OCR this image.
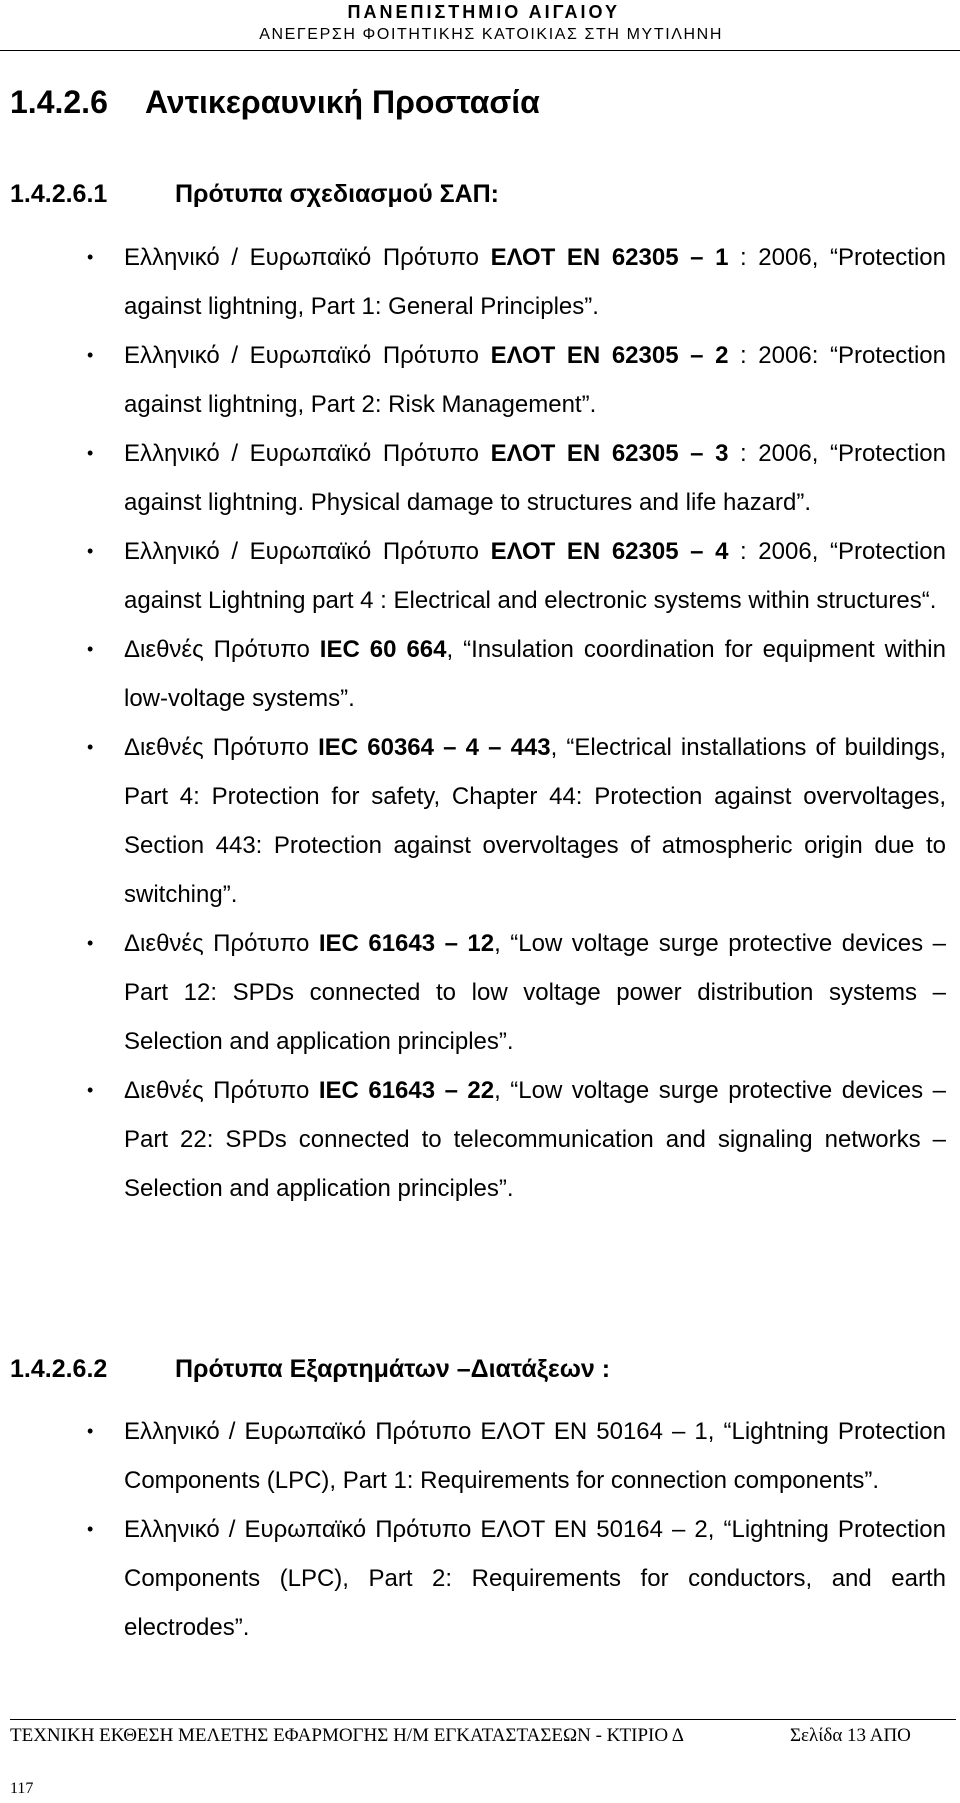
ΠΑΝΕΠΙΣΤΗΜΙΟ ΑΙΓΑΙΟΥ
ΑΝΕΓΕΡΣΗ ΦΟΙΤΗΤΙΚΗΣ ΚΑΤΟΙΚΙΑΣ ΣΤΗ ΜΥΤΙΛΗΝΗ
1.4.2.6 Αντικεραυνική Προστασία
1.4.2.6.1	Πρότυπα σχεδιασμού ΣΑΠ:
• Ελληνικό / Ευρωπαϊκό Πρότυπο ΕΛΟΤ ΕΝ 62305 – 1 : 2006, “Protection against lightning, Part 1: General Principles”.
• Ελληνικό / Ευρωπαϊκό Πρότυπο ΕΛΟΤ ΕΝ 62305 – 2 : 2006: “Protection against lightning, Part 2: Risk Management”.
• Ελληνικό / Ευρωπαϊκό Πρότυπο ΕΛΟΤ ΕΝ 62305 – 3 : 2006, “Protection against lightning. Physical damage to structures and life hazard”.
• Ελληνικό / Ευρωπαϊκό Πρότυπο ΕΛΟΤ ΕΝ 62305 – 4 : 2006, “Protection against Lightning part 4 : Electrical and electronic systems within structures“.
• Διεθνές Πρότυπο IEC 60 664, “Insulation coordination for equipment within low-voltage systems”.
• Διεθνές Πρότυπο IEC 60364 – 4 – 443, “Electrical installations of buildings, Part 4: Protection for safety, Chapter 44: Protection against overvoltages, Section 443: Protection against overvoltages of atmospheric origin due to switching”.
• Διεθνές Πρότυπο IEC 61643 – 12, “Low voltage surge protective devices – Part 12: SPDs connected to low voltage power distribution systems – Selection and application principles”.
• Διεθνές Πρότυπο IEC 61643 – 22, “Low voltage surge protective devices – Part 22: SPDs connected to telecommunication and signaling networks – Selection and application principles”.
1.4.2.6.2	Πρότυπα Εξαρτημάτων –Διατάξεων :
• Ελληνικό / Ευρωπαϊκό Πρότυπο ΕΛΟΤ ΕΝ 50164 – 1, “Lightning Protection Components (LPC), Part 1: Requirements for connection components”.
• Ελληνικό / Ευρωπαϊκό Πρότυπο ΕΛΟΤ ΕΝ 50164 – 2, “Lightning Protection Components (LPC), Part 2: Requirements for conductors, and earth electrodes”.
ΤΕΧΝΙΚΗ ΕΚΘΕΣΗ ΜΕΛΕΤΗΣ ΕΦΑΡΜΟΓΗΣ Η/Μ ΕΓΚΑΤΑΣΤΑΣΕΩΝ - ΚΤΙΡΙΟ Δ	Σελίδα 13 ΑΠΟ
117
